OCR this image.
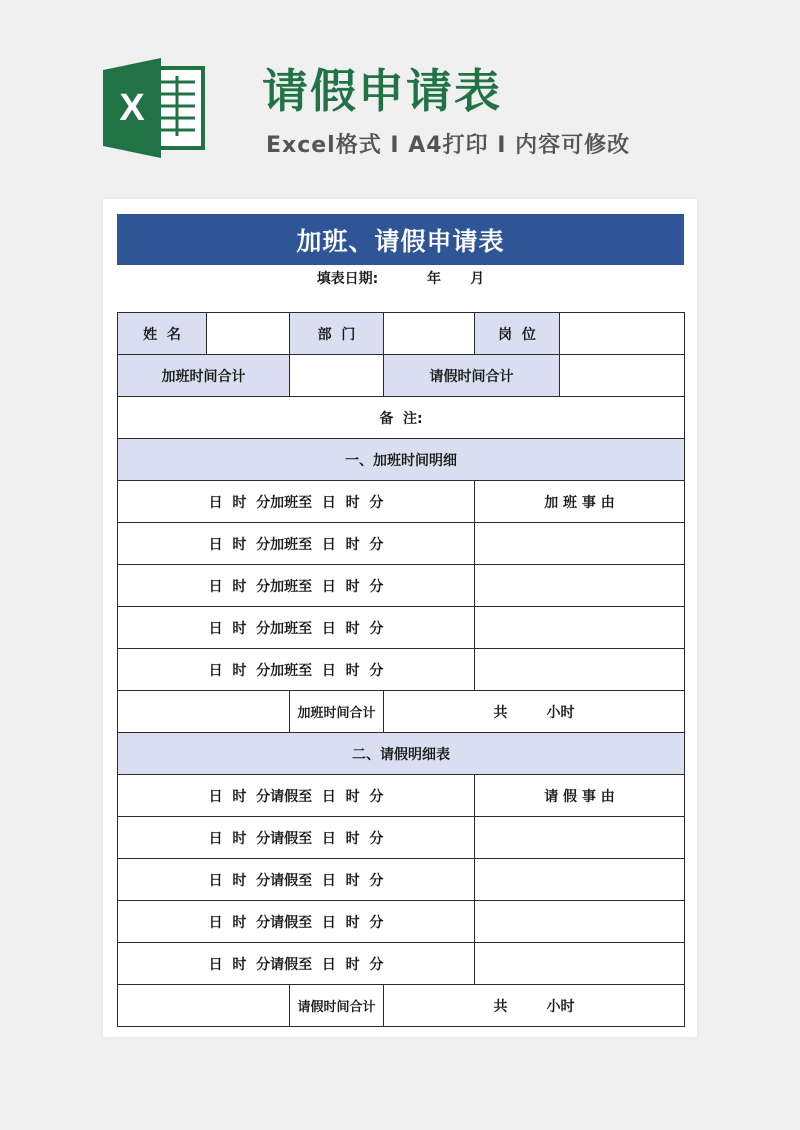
X	请假申请表
Excel格式 I A4打印 I 内容可修改
加班、请假申请表
填表日期:
	年
月
姓  名		部  门		岗  位	
加班时间合计			请假时间合计		
备  注:					
一、加班时间明细					
日  时  分加班至  日  时  分				加 班 事 由	
日  时  分加班至  日  时  分					
日  时  分加班至  日  时  分					
日  时  分加班至  日  时  分					
日  时  分加班至  日  时  分					
		加班时间合计	共        小时		
二、请假明细表					
日  时  分请假至  日  时  分				请 假 事 由	
日  时  分请假至  日  时  分					
日  时  分请假至  日  时  分					
日  时  分请假至  日  时  分					
日  时  分请假至  日  时  分					
		请假时间合计	共        小时		
